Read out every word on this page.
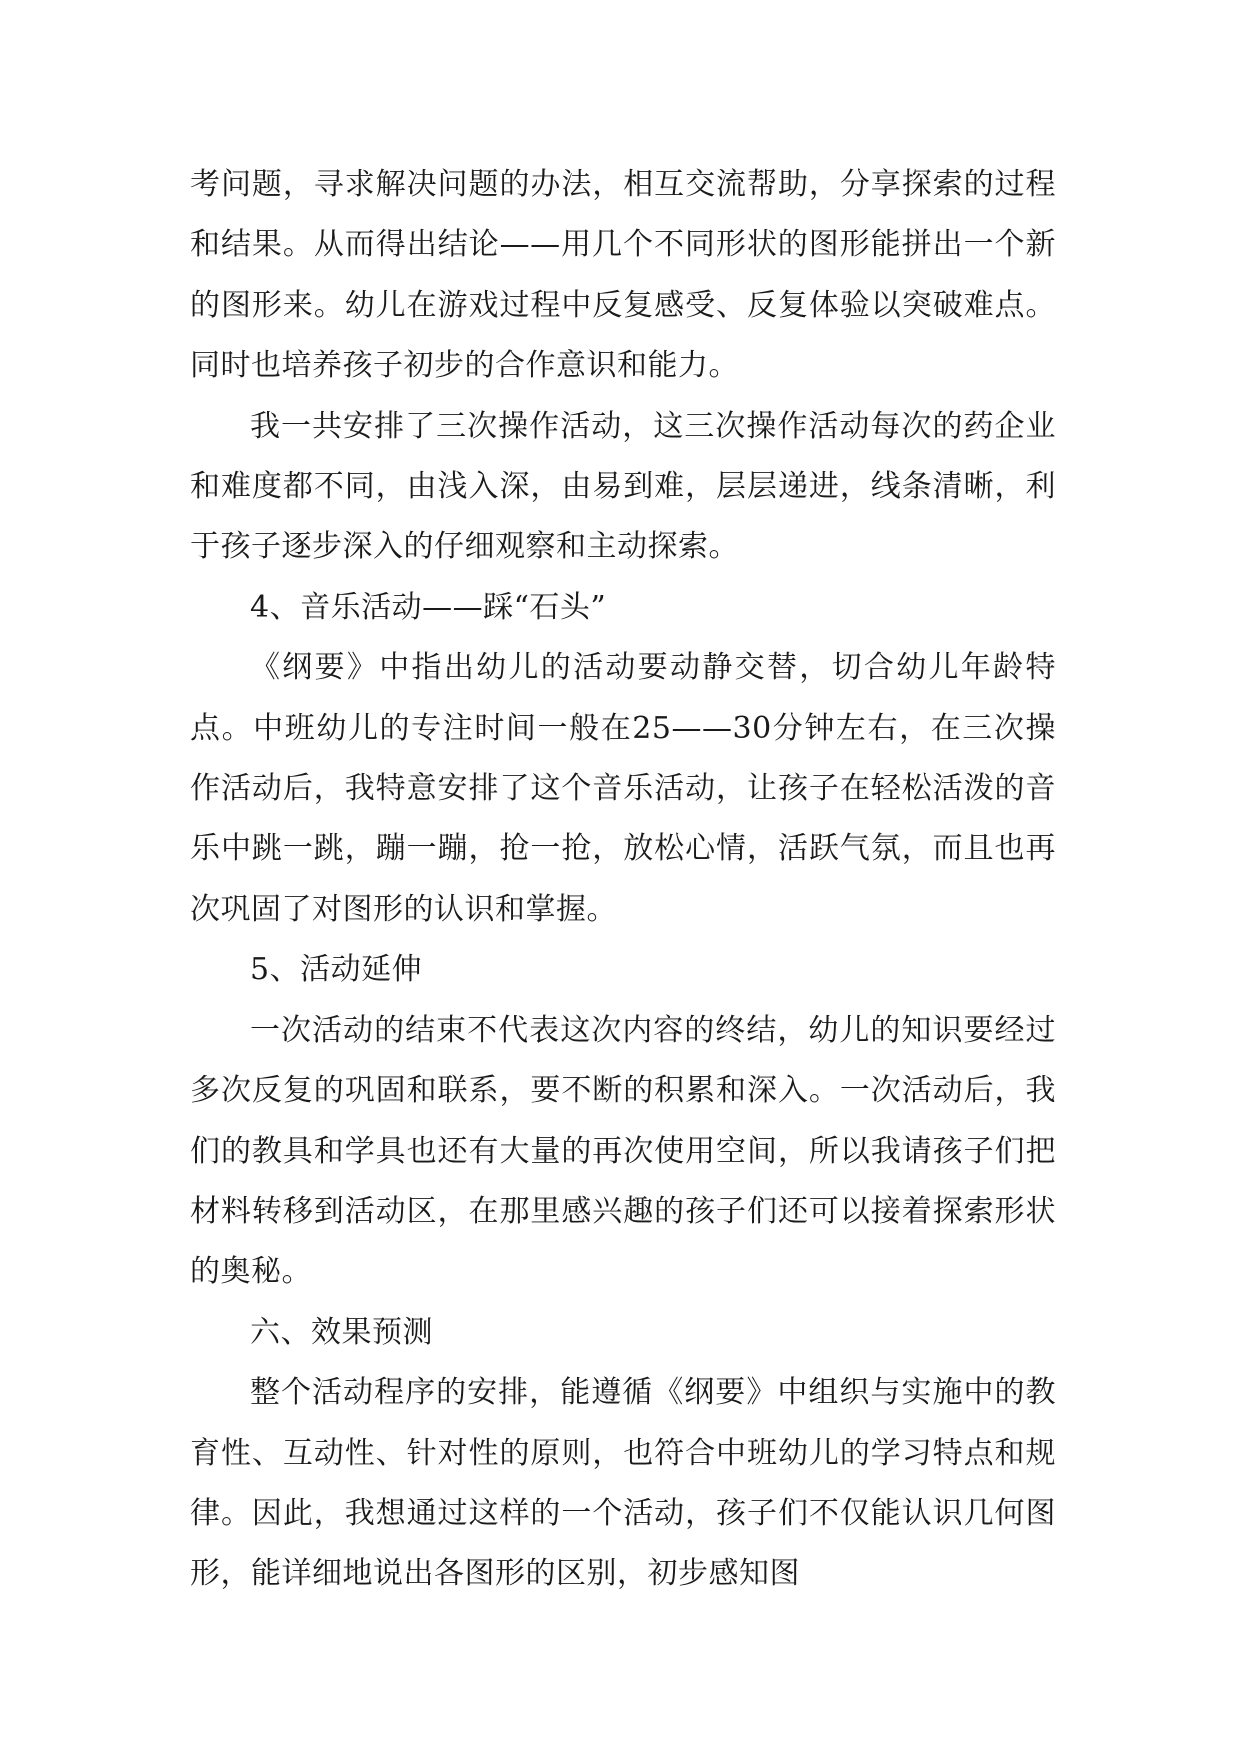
考问题，寻求解决问题的办法，相互交流帮助，分享探索的过程和结果。从而得出结论——用几个不同形状的图形能拼出一个新的图形来。幼儿在游戏过程中反复感受、反复体验以突破难点。同时也培养孩子初步的合作意识和能力。

我一共安排了三次操作活动，这三次操作活动每次的药企业和难度都不同，由浅入深，由易到难，层层递进，线条清晰，利于孩子逐步深入的仔细观察和主动探索。

4、音乐活动——踩“石头”

《纲要》中指出幼儿的活动要动静交替，切合幼儿年龄特点。中班幼儿的专注时间一般在25——30分钟左右，在三次操作活动后，我特意安排了这个音乐活动，让孩子在轻松活泼的音乐中跳一跳，蹦一蹦，抢一抢，放松心情，活跃气氛，而且也再次巩固了对图形的认识和掌握。

5、活动延伸

一次活动的结束不代表这次内容的终结，幼儿的知识要经过多次反复的巩固和联系，要不断的积累和深入。一次活动后，我们的教具和学具也还有大量的再次使用空间，所以我请孩子们把材料转移到活动区，在那里感兴趣的孩子们还可以接着探索形状的奥秘。

六、效果预测

整个活动程序的安排，能遵循《纲要》中组织与实施中的教育性、互动性、针对性的原则，也符合中班幼儿的学习特点和规律。因此，我想通过这样的一个活动，孩子们不仅能认识几何图形，能详细地说出各图形的区别，初步感知图
